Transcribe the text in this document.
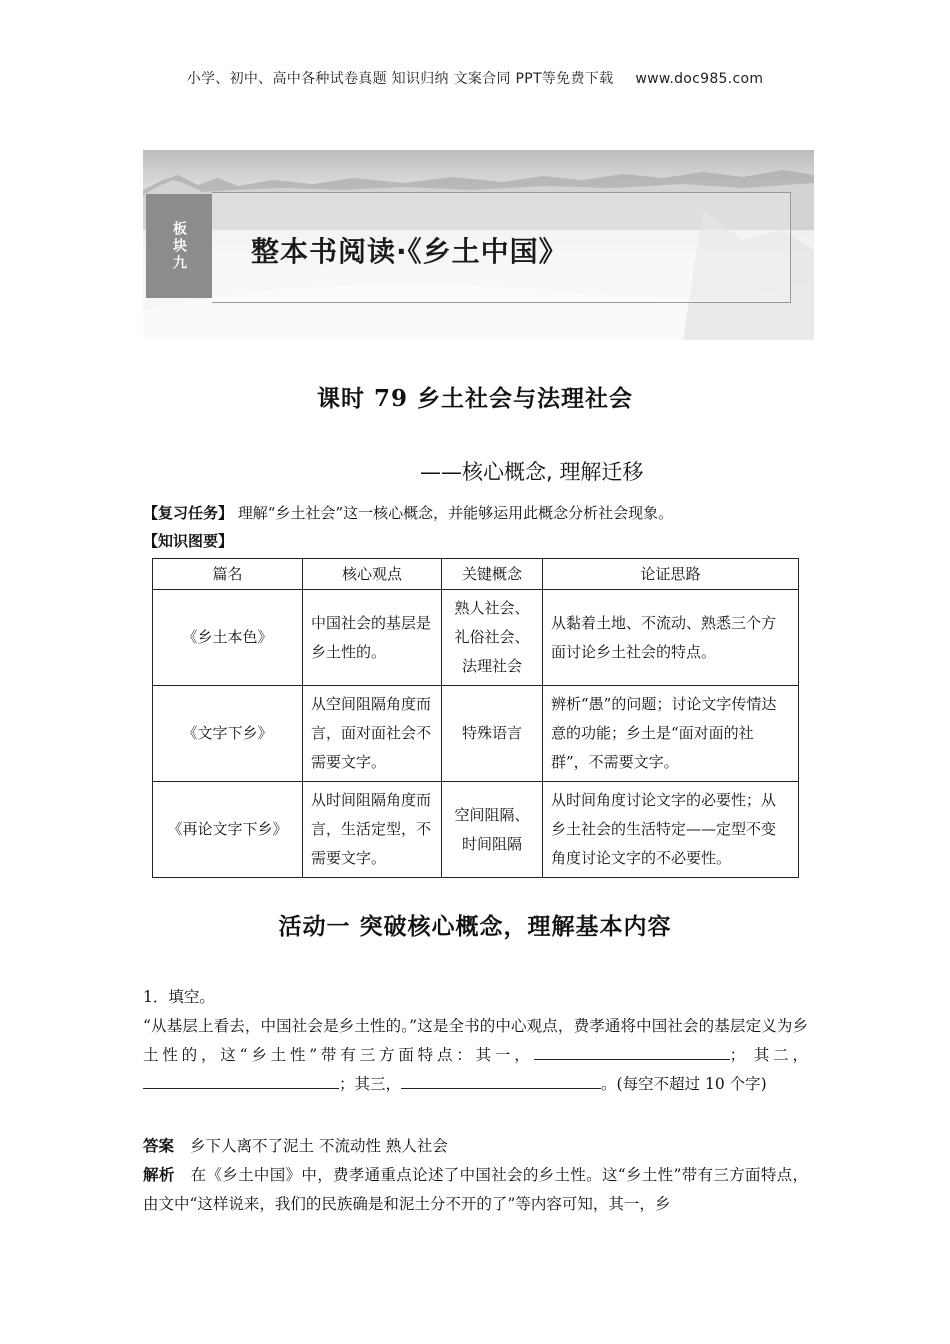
小学、初中、高中各种试卷真题 知识归纳 文案合同 PPT等免费下载 www.doc985.com
板块九	整本书阅读·《乡土中国》
课时 79 乡土社会与法理社会
——核心概念, 理解迁移
【复习任务】 理解“乡土社会”这一核心概念，并能够运用此概念分析社会现象。
【知识图要】
篇名	核心观点	关键概念	论证思路
《乡土本色》	中国社会的基层是乡土性的。	熟人社会、礼俗社会、法理社会	从黏着土地、不流动、熟悉三个方面讨论乡土社会的特点。
《文字下乡》	从空间阻隔角度而言，面对面社会不需要文字。	特殊语言	辨析“愚”的问题；讨论文字传情达意的功能；乡土是“面对面的社群”，不需要文字。
《再论文字下乡》	从时间阻隔角度而言，生活定型，不需要文字。	空间阻隔、时间阻隔	从时间角度讨论文字的必要性；从乡土社会的生活特定——定型不变角度讨论文字的不必要性。
活动一 突破核心概念，理解基本内容
1．填空。
“从基层上看去，中国社会是乡土性的。”这是全书的中心观点，费孝通将中国社会的基层定义为乡土性的，这“乡土性”带有三方面特点：其一，	； 其二，；其三，	。(每空不超过 10 个字)
答案 乡下人离不了泥土 不流动性 熟人社会
解析 在《乡土中国》中，费孝通重点论述了中国社会的乡土性。这“乡土性”带有三方面特点，由文中“这样说来，我们的民族确是和泥土分不开的了”等内容可知，其一，乡
